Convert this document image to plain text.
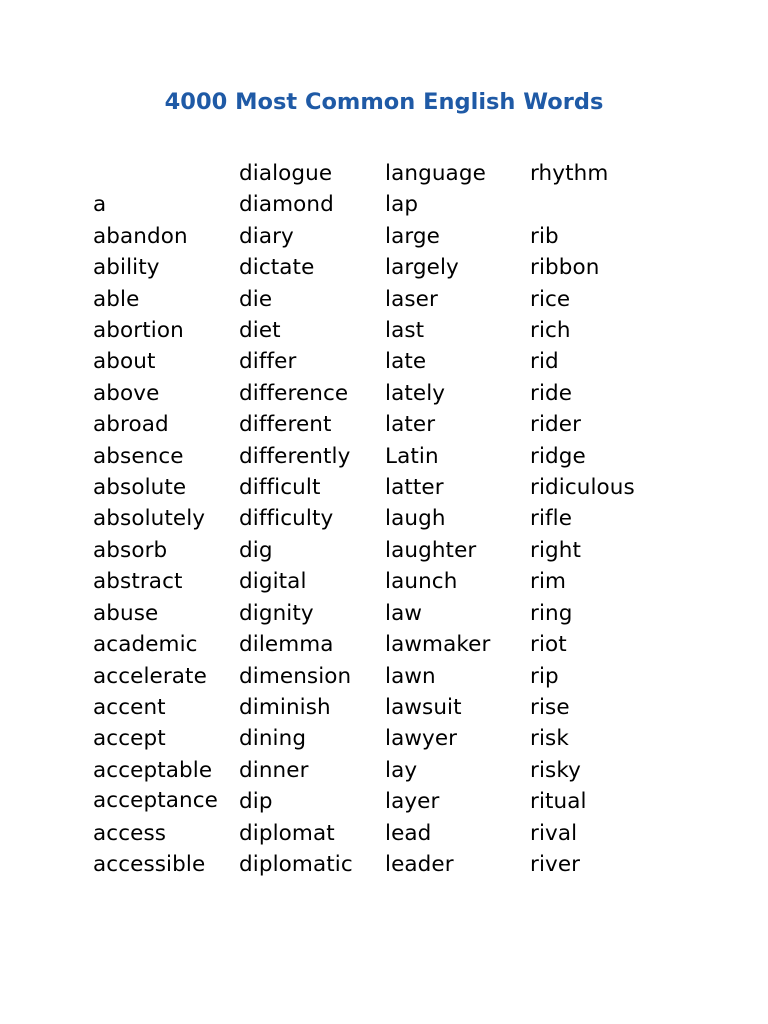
4000 Most Common English Words
	dialogue	language	rhythm
a	diamond	lap	
abandon	diary	large	rib
ability	dictate	largely	ribbon
able	die	laser	rice
abortion	diet	last	rich
about	differ	late	rid
above	difference	lately	ride
abroad	different	later	rider
absence	differently	Latin	ridge
absolute	difficult	latter	ridiculous
absolutely	difficulty	laugh	rifle
absorb	dig	laughter	right
abstract	digital	launch	rim
abuse	dignity	law	ring
academic	dilemma	lawmaker	riot
accelerate	dimension	lawn	rip
accent	diminish	lawsuit	rise
accept	dining	lawyer	risk
acceptable	dinner	lay	risky
acceptance	dip	layer	ritual
access	diplomat	lead	rival
accessible	diplomatic	leader	river
